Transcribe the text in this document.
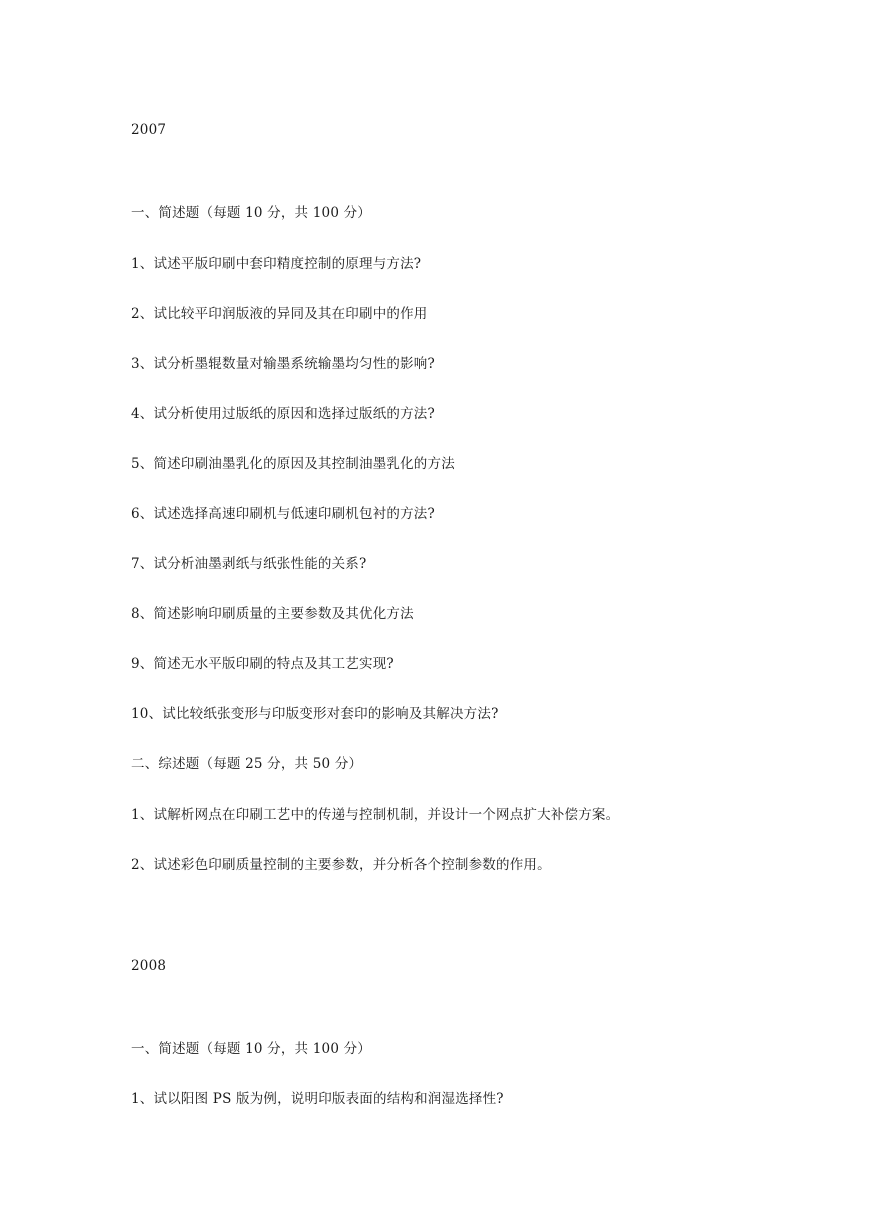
2007
一、简述题（每题 10 分，共 100 分）
1、试述平版印刷中套印精度控制的原理与方法?
2、试比较平印润版液的异同及其在印刷中的作用
3、试分析墨辊数量对输墨系统输墨均匀性的影响?
4、试分析使用过版纸的原因和选择过版纸的方法?
5、简述印刷油墨乳化的原因及其控制油墨乳化的方法
6、试述选择高速印刷机与低速印刷机包衬的方法?
7、试分析油墨剥纸与纸张性能的关系?
8、简述影响印刷质量的主要参数及其优化方法
9、简述无水平版印刷的特点及其工艺实现?
10、试比较纸张变形与印版变形对套印的影响及其解决方法?
二、综述题（每题 25 分，共 50 分）
1、试解析网点在印刷工艺中的传递与控制机制，并设计一个网点扩大补偿方案。
2、试述彩色印刷质量控制的主要参数，并分析各个控制参数的作用。
2008
一、简述题（每题 10 分，共 100 分）
1、试以阳图 PS 版为例，说明印版表面的结构和润湿选择性?
